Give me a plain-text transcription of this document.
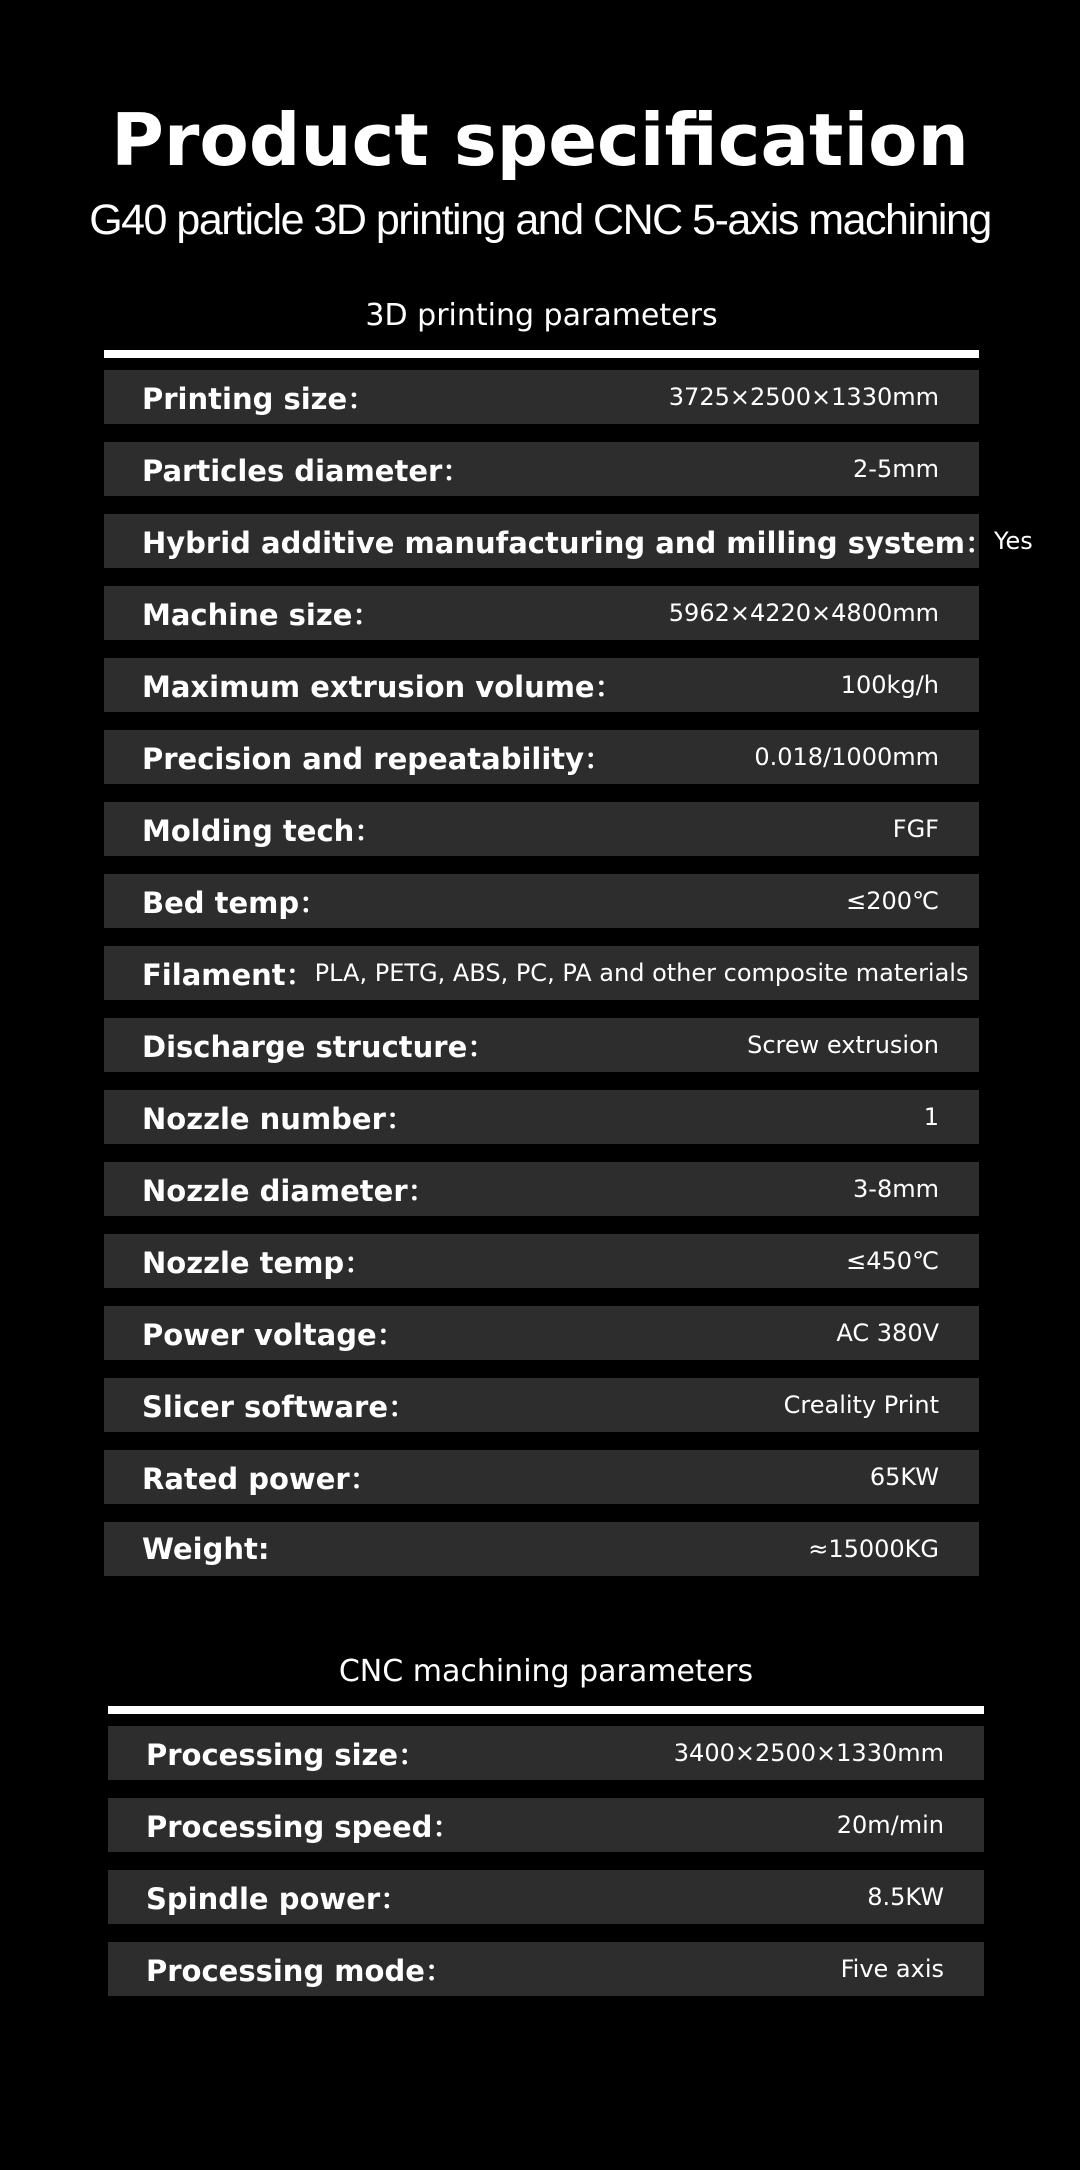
Product specification
G40 particle 3D printing and CNC 5-axis machining
3D printing parameters
Printing size：	3725×2500×1330mm
Particles diameter：	2-5mm
Hybrid additive manufacturing and milling system： Yes
Machine size：	5962×4220×4800mm
Maximum extrusion volume：	100kg/h
Precision and repeatability：	0.018/1000mm
Molding tech：	FGF
Bed temp：	≤200℃
Filament： PLA, PETG, ABS, PC, PA and other composite materials
Discharge structure：	Screw extrusion
Nozzle number：	1
Nozzle diameter：	3-8mm
Nozzle temp：	≤450℃
Power voltage：	AC 380V
Slicer software：	Creality Print
Rated power：	65KW
Weight:	≈15000KG
CNC machining parameters
Processing size：	3400×2500×1330mm
Processing speed：	20m/min
Spindle power：	8.5KW
Processing mode：	Five axis
